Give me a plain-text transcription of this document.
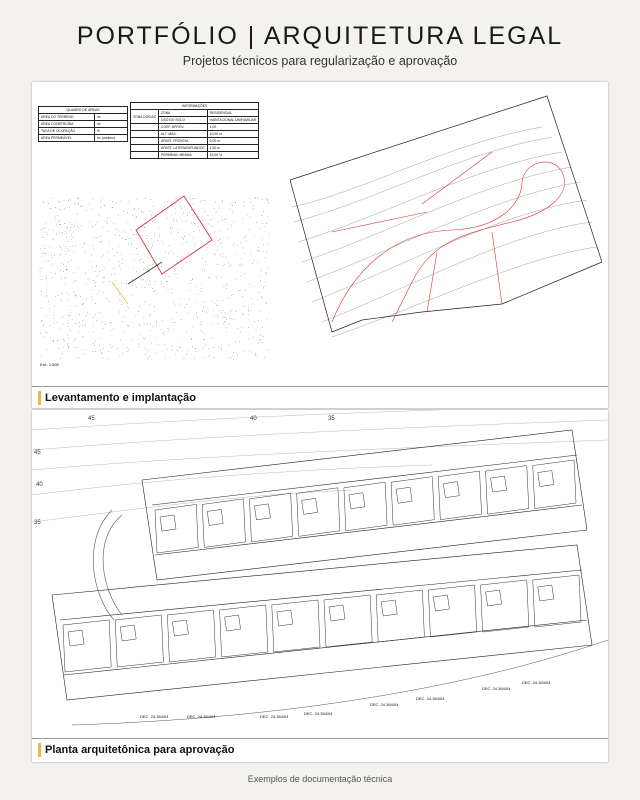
PORTFÓLIO | ARQUITETURA LEGAL
Projetos técnicos para regularização e aprovação
QUADRO DE ÁREAS	
ÁREA DO TERRENO	m²
ÁREA CONSTRUÍDA	m²
TAXA DE OCUPAÇÃO	%
ÁREA PERMEÁVEL	m² (mínimo)
INFORMAÇÕES		
ZONA DOEIAS	ZONA	RESIDENCIAL
	USO DO SOLO	HABITACIONAL UNIFAMILIAR
	COEF. APROV.	1,00
	ALT. MÁX.	10,00 m
	AFAST. FRONTAL	5,00 m
	AFAST. LATERAIS/FUNDOS	1,50 m
	PERMEAB. MÍNIMA	15,00 %
Esc. 1:500
Levantamento e implantação
45	40	35
45
40
35
DEC. 24.364/04	DEC. 24.364/04	DEC. 24.364/04
DEC. 24.364/04
DEC. 24.364/04
DEC. 24.364/04
DEC. 24.364/04
DEC. 24.364/04
Planta arquitetônica para aprovação
Exemplos de documentação técnica
